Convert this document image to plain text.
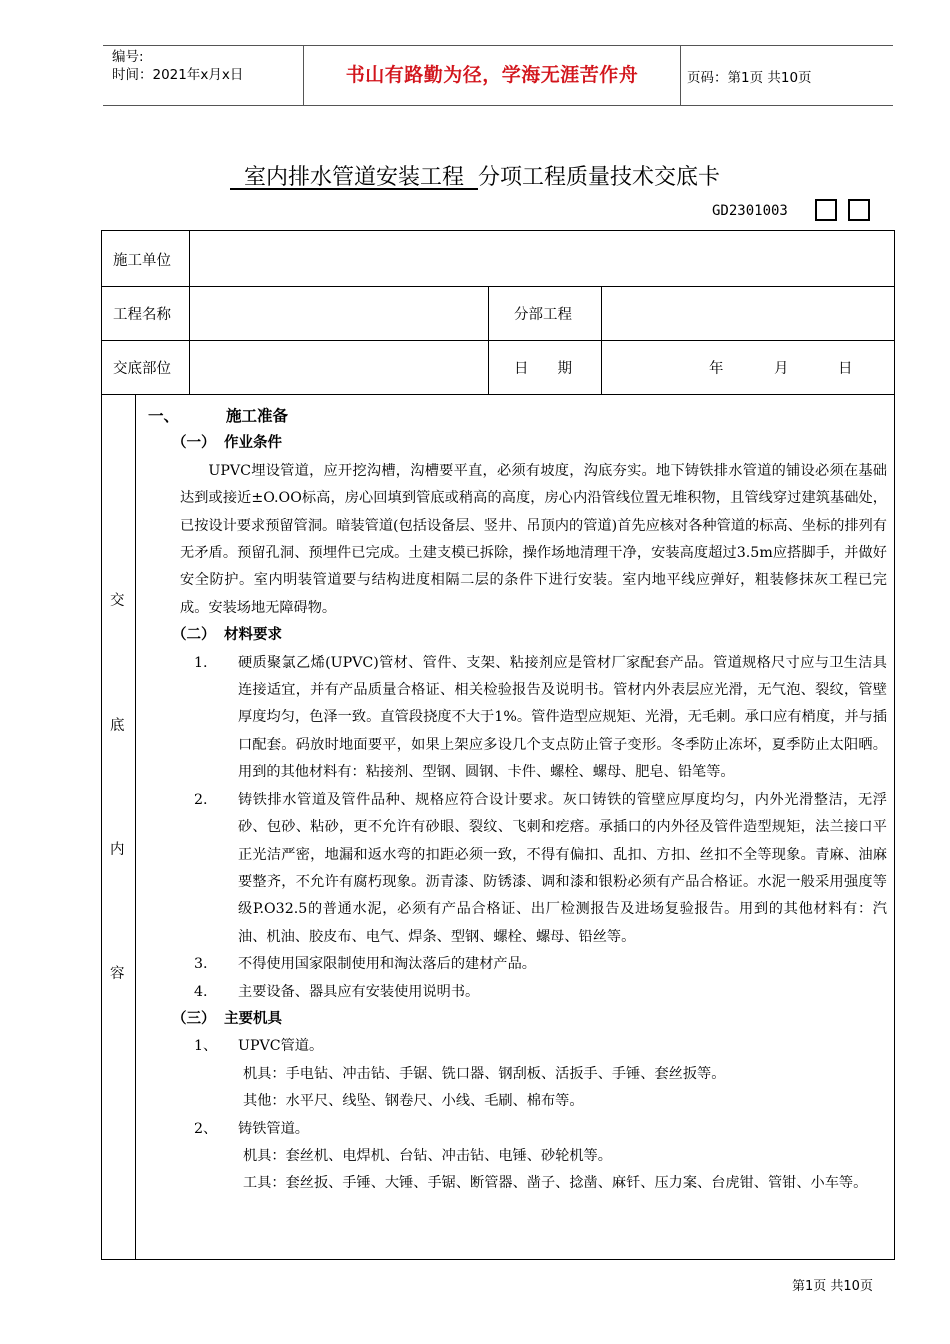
编号:
时间：2021年x月x日	书山有路勤为径，学海无涯苦作舟	页码：第1页 共10页
室内排水管道安装工程  分项工程质量技术交底卡
GD2301003
施工单位
工程名称	分部工程
交底部位	日　　期	年	月	日
交
底
内
容
一、	施工准备
（一） 作业条件
UPVC埋设管道，应开挖沟槽，沟槽要平直，必须有坡度，沟底夯实。地下铸铁排水管道的铺设必须在基础达到或接近±O.OO标高，房心回填到管底或稍高的高度，房心内沿管线位置无堆积物，且管线穿过建筑基础处，已按设计要求预留管洞。暗装管道(包括设备层、竖井、吊顶内的管道)首先应核对各种管道的标高、坐标的排列有无矛盾。预留孔洞、预埋件已完成。土建支模已拆除，操作场地清理干净，安装高度超过3.5m应搭脚手，并做好安全防护。室内明装管道要与结构进度相隔二层的条件下进行安装。室内地平线应弹好，粗装修抹灰工程已完成。安装场地无障碍物。
（二） 材料要求
1. 硬质聚氯乙烯(UPVC)管材、管件、支架、粘接剂应是管材厂家配套产品。管道规格尺寸应与卫生洁具连接适宜，并有产品质量合格证、相关检验报告及说明书。管材内外表层应光滑，无气泡、裂纹，管壁厚度均匀，色泽一致。直管段挠度不大于1%。管件造型应规矩、光滑，无毛刺。承口应有梢度，并与插口配套。码放时地面要平，如果上架应多设几个支点防止管子变形。冬季防止冻坏，夏季防止太阳晒。用到的其他材料有：粘接剂、型钢、圆钢、卡件、螺栓、螺母、肥皂、铅笔等。
2. 铸铁排水管道及管件品种、规格应符合设计要求。灰口铸铁的管壁应厚度均匀，内外光滑整洁，无浮砂、包砂、粘砂，更不允许有砂眼、裂纹、飞刺和疙瘩。承插口的内外径及管件造型规矩，法兰接口平正光洁严密，地漏和返水弯的扣距必须一致，不得有偏扣、乱扣、方扣、丝扣不全等现象。青麻、油麻要整齐，不允许有腐朽现象。沥青漆、防锈漆、调和漆和银粉必须有产品合格证。水泥一般采用强度等级P.O32.5的普通水泥，必须有产品合格证、出厂检测报告及进场复验报告。用到的其他材料有：汽油、机油、胶皮布、电气、焊条、型钢、螺栓、螺母、铅丝等。
3. 不得使用国家限制使用和淘汰落后的建材产品。
4. 主要设备、器具应有安装使用说明书。
（三） 主要机具
1、 UPVC管道。
机具：手电钻、冲击钻、手锯、铣口器、钢刮板、活扳手、手锤、套丝扳等。
其他：水平尺、线坠、钢卷尺、小线、毛刷、棉布等。
2、 铸铁管道。
机具：套丝机、电焊机、台钻、冲击钻、电锤、砂轮机等。
工具：套丝扳、手锤、大锤、手锯、断管器、凿子、捻凿、麻钎、压力案、台虎钳、管钳、小车等。
第1页 共10页
